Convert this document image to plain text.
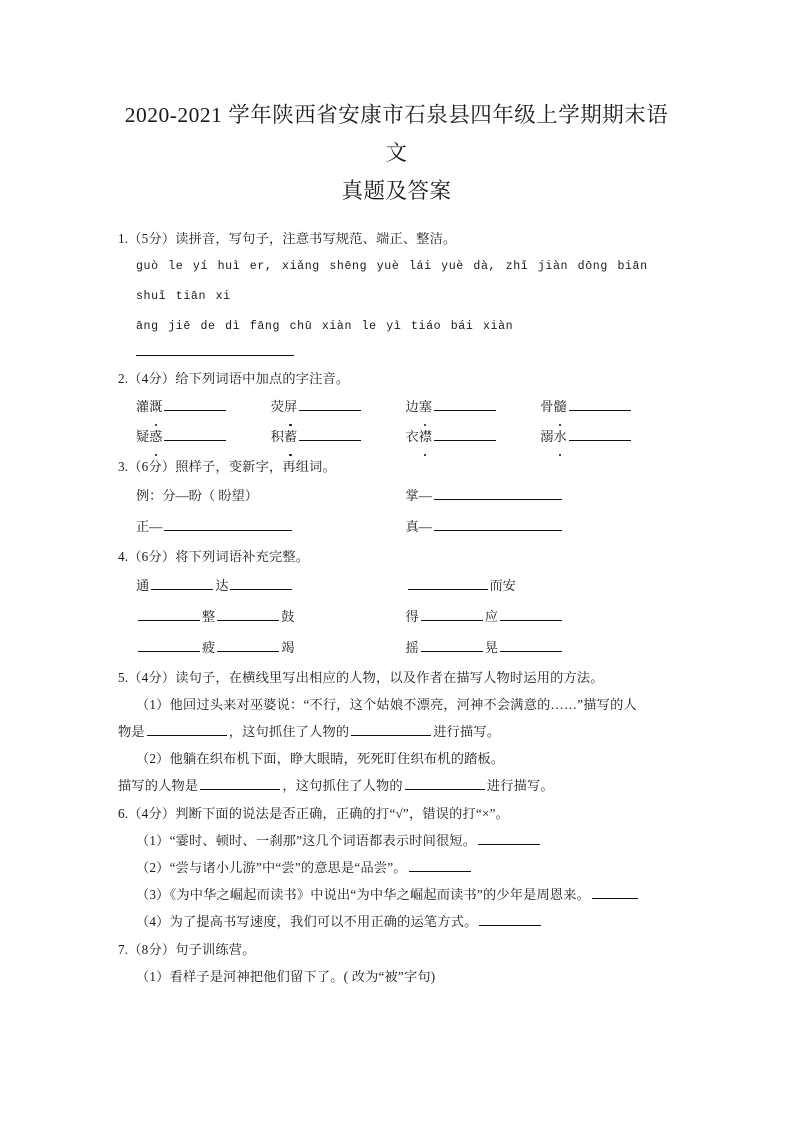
2020-2021 学年陕西省安康市石泉县四年级上学期期末语文
真题及答案
1.（5分）读拼音，写句子，注意书写规范、端正、整洁。
guò le yí huì er, xiǎng shēng yuè lái yuè dà, zhǐ jiàn dōng biān shuǐ tiān xi
āng jiē de dì fāng chū xiàn le yì tiáo bái xiàn
2.（4分）给下列词语中加点的字注音。
灌溉	荧屏	边塞	骨髓
疑惑	积蓄	衣襟	溺水
3.（6分）照样子，变新字，再组词。
例：分—盼（ 盼望）	掌—
正—	真—
4.（6分）将下列词语补充完整。
通	达	而安
整	鼓	得	应
疲	竭	摇	晃
5.（4分）读句子，在横线里写出相应的人物，以及作者在描写人物时运用的方法。
（1）他回过头来对巫婆说：“不行，这个姑娘不漂亮，河神不会满意的……”描写的人
物是	，这句抓住了人物的	进行描写。
（2）他躺在织布机下面，睁大眼睛，死死盯住织布机的踏板。
描写的人物是	，这句抓住了人物的	进行描写。
6.（4分）判断下面的说法是否正确，正确的打“√”，错误的打“×”。
（1）“霎时、顿时、一刹那”这几个词语都表示时间很短。
（2）“尝与诸小儿游”中“尝”的意思是“品尝”。
（3）《为中华之崛起而读书》中说出“为中华之崛起而读书”的少年是周恩来。
（4）为了提高书写速度，我们可以不用正确的运笔方式。
7.（8分）句子训练营。
（1）看样子是河神把他们留下了。( 改为“被”字句)
